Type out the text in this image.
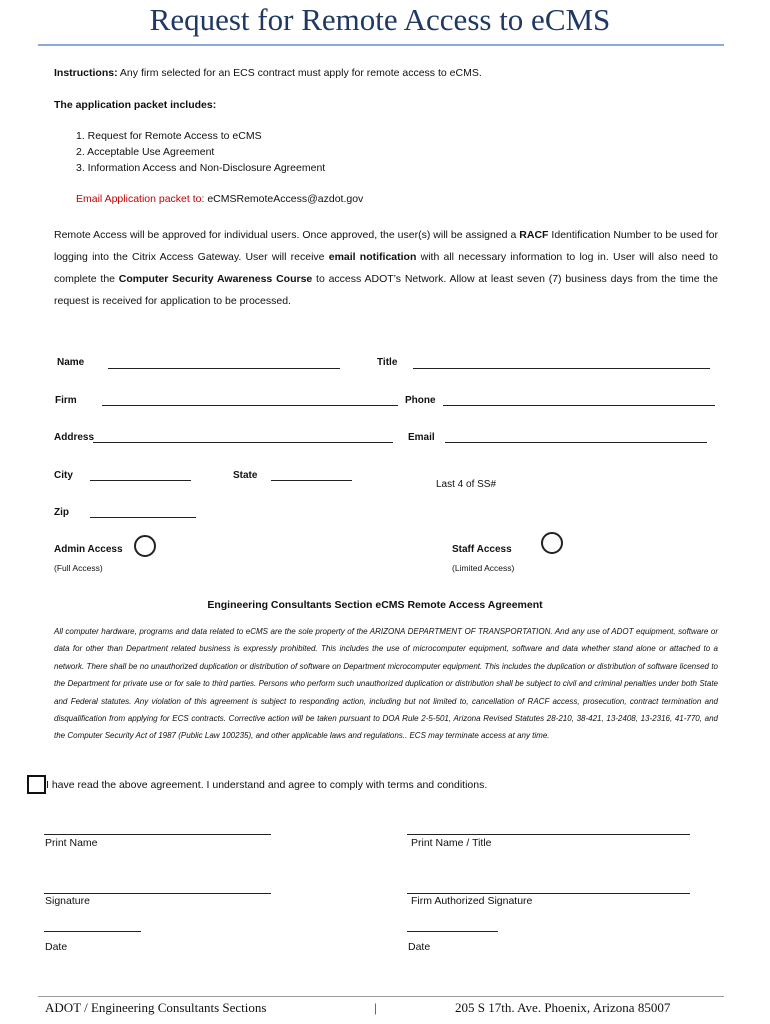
Request for Remote Access to eCMS
Instructions: Any firm selected for an ECS contract must apply for remote access to eCMS.
The application packet includes:
1. Request for Remote Access to eCMS
2. Acceptable Use Agreement
3. Information Access and Non-Disclosure Agreement
Email Application packet to: eCMSRemoteAccess@azdot.gov
Remote Access will be approved for individual users. Once approved, the user(s) will be assigned a RACF Identification Number to be used for logging into the Citrix Access Gateway. User will receive email notification with all necessary information to log in. User will also need to complete the Computer Security Awareness Course to access ADOT’s Network. Allow at least seven (7) business days from the time the request is received for application to be processed.
Name	Title
Firm	Phone
Address	Email
City	State
Last 4 of SS#
Zip
Admin Access
(Full Access)
Staff Access
(Limited Access)
Engineering Consultants Section eCMS Remote Access Agreement
All computer hardware, programs and data related to eCMS are the sole property of the ARIZONA DEPARTMENT OF TRANSPORTATION. And any use of ADOT equipment, software or data for other than Department related business is expressly prohibited. This includes the use of microcomputer equipment, software and data whether stand alone or attached to a network. There shall be no unauthorized duplication or distribution of software on Department microcomputer equipment. This includes the duplication or distribution of software licensed to the Department for private use or for sale to third parties. Persons who perform such unauthorized duplication or distribution shall be subject to civil and criminal penalties under both State and Federal statutes. Any violation of this agreement is subject to responding action, including but not limited to, cancellation of RACF access, prosecution, contract termination and disqualification from applying for ECS contracts. Corrective action will be taken pursuant to DOA Rule 2-5-501, Arizona Revised Statutes 28-210, 38-421, 13-2408, 13-2316, 41-770, and the Computer Security Act of 1987 (Public Law 100235), and other applicable laws and regulations.. ECS may terminate access at any time.
I have read the above agreement. I understand and agree to comply with terms and conditions.
Print Name	Print Name / Title
Signature	Firm Authorized Signature
Date	Date
ADOT / Engineering Consultants Sections	|	205 S 17th. Ave. Phoenix, Arizona 85007
